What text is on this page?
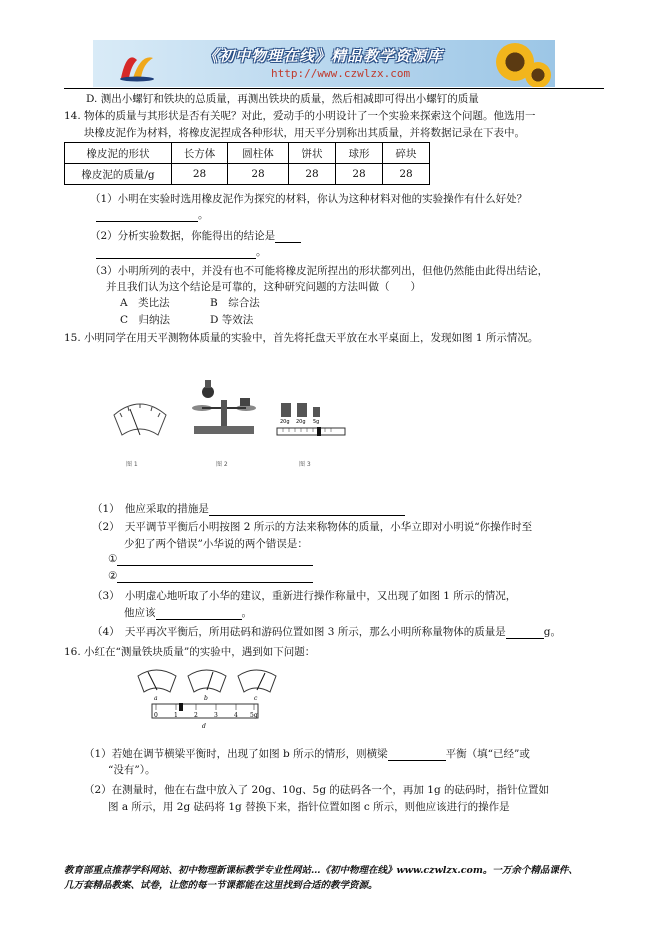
《初中物理在线》精品教学资源库
http://www.czwlzx.com
D. 测出小螺钉和铁块的总质量，再测出铁块的质量，然后相减即可得出小螺钉的质量
14. 物体的质量与其形状是否有关呢？对此，爱动手的小明设计了一个实验来探索这个问题。他选用一
块橡皮泥作为材料，将橡皮泥捏成各种形状，用天平分别称出其质量，并将数据记录在下表中。
橡皮泥的形状	长方体	圆柱体	饼状	球形	碎块
橡皮泥的质量/g	28	28	28	28	28
（1）小明在实验时选用橡皮泥作为探究的材料，你认为这种材料对他的实验操作有什么好处？
。
（2）分析实验数据，你能得出的结论是
。
（3）小明所列的表中，并没有也不可能将橡皮泥所捏出的形状都列出，但他仍然能由此得出结论，
并且我们认为这个结论是可靠的，这种研究问题的方法叫做（　　）
A　类比法	B　综合法
C　归纳法	D 等效法
15. 小明同学在用天平测物体质量的实验中，首先将托盘天平放在水平桌面上，发现如图 1 所示情况。
20g 20g 5g
图 1	图 2	图 3
（1）　他应采取的措施是
（2）　天平调节平衡后小明按图 2 所示的方法来称物体的质量，小华立即对小明说“你操作时至
少犯了两个错误”小华说的两个错误是：
①
②
（3）　小明虚心地听取了小华的建议，重新进行操作称量中，又出现了如图 1 所示的情况，
他应该	。
（4）　天平再次平衡后，所用砝码和游码位置如图 3 所示，那么小明所称量物体的质量是	g。
16. 小红在“测量铁块质量”的实验中，遇到如下问题：
a	b	c
0	1	2	3	4 5g
d
（1）若她在调节横梁平衡时，出现了如图 b 所示的情形，则横梁	平衡（填“已经”或
“没有”）。
（2）在测量时，他在右盘中放入了 20g、10g、5g 的砝码各一个，再加 1g 的砝码时，指针位置如
图 a 所示，用 2g 砝码将 1g 替换下来，指针位置如图 c 所示，则他应该进行的操作是
教育部重点推荐学科网站、初中物理新课标教学专业性网站…《初中物理在线》www.czwlzx.com。一万余个精品课件、
几万套精品教案、试卷，让您的每一节课都能在这里找到合适的教学资源。
